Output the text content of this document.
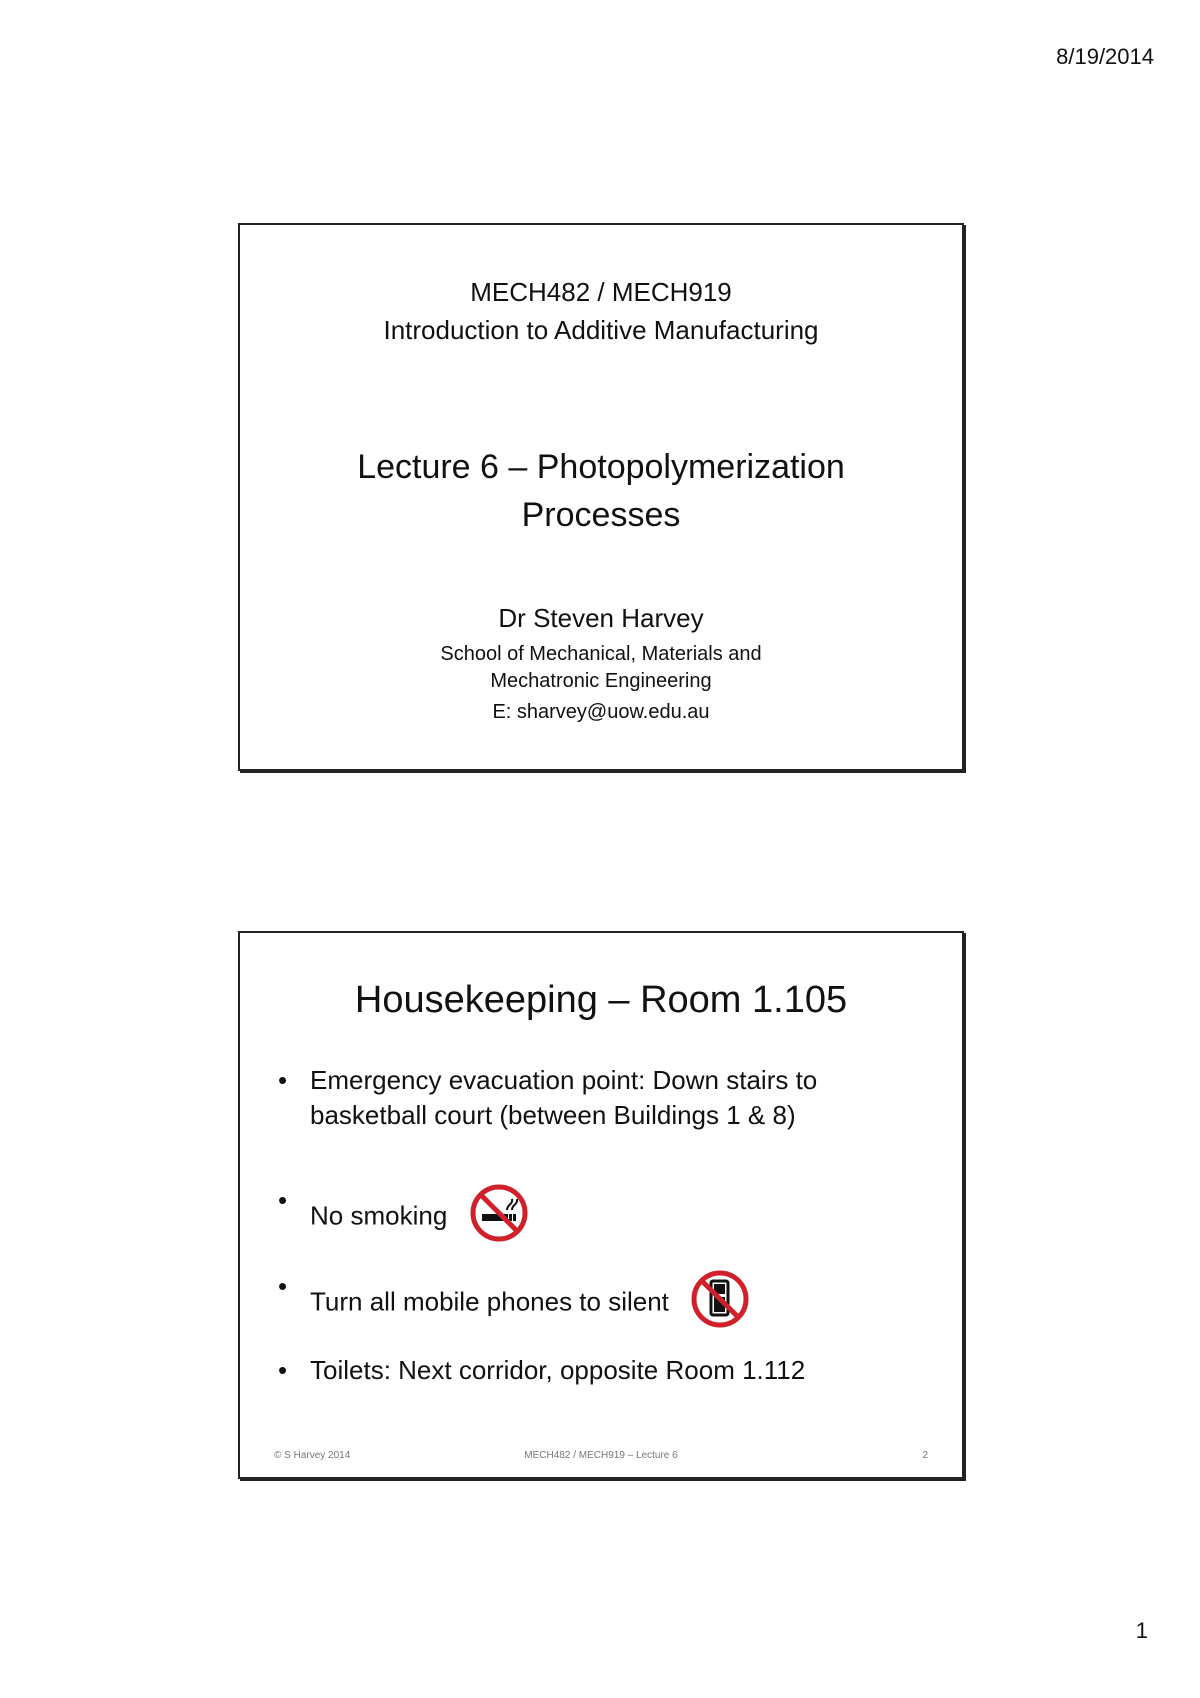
8/19/2014
MECH482 / MECH919
Introduction to Additive Manufacturing
Lecture 6 – Photopolymerization
Processes
Dr Steven Harvey
School of Mechanical, Materials and
Mechatronic Engineering
E: sharvey@uow.edu.au
Housekeeping – Room 1.105
• Emergency evacuation point: Down stairs to basketball court (between Buildings 1 & 8)
•
No smoking
•
Turn all mobile phones to silent
• Toilets: Next corridor, opposite Room 1.112
© S Harvey 2014	MECH482 / MECH919 – Lecture 6	2
1
